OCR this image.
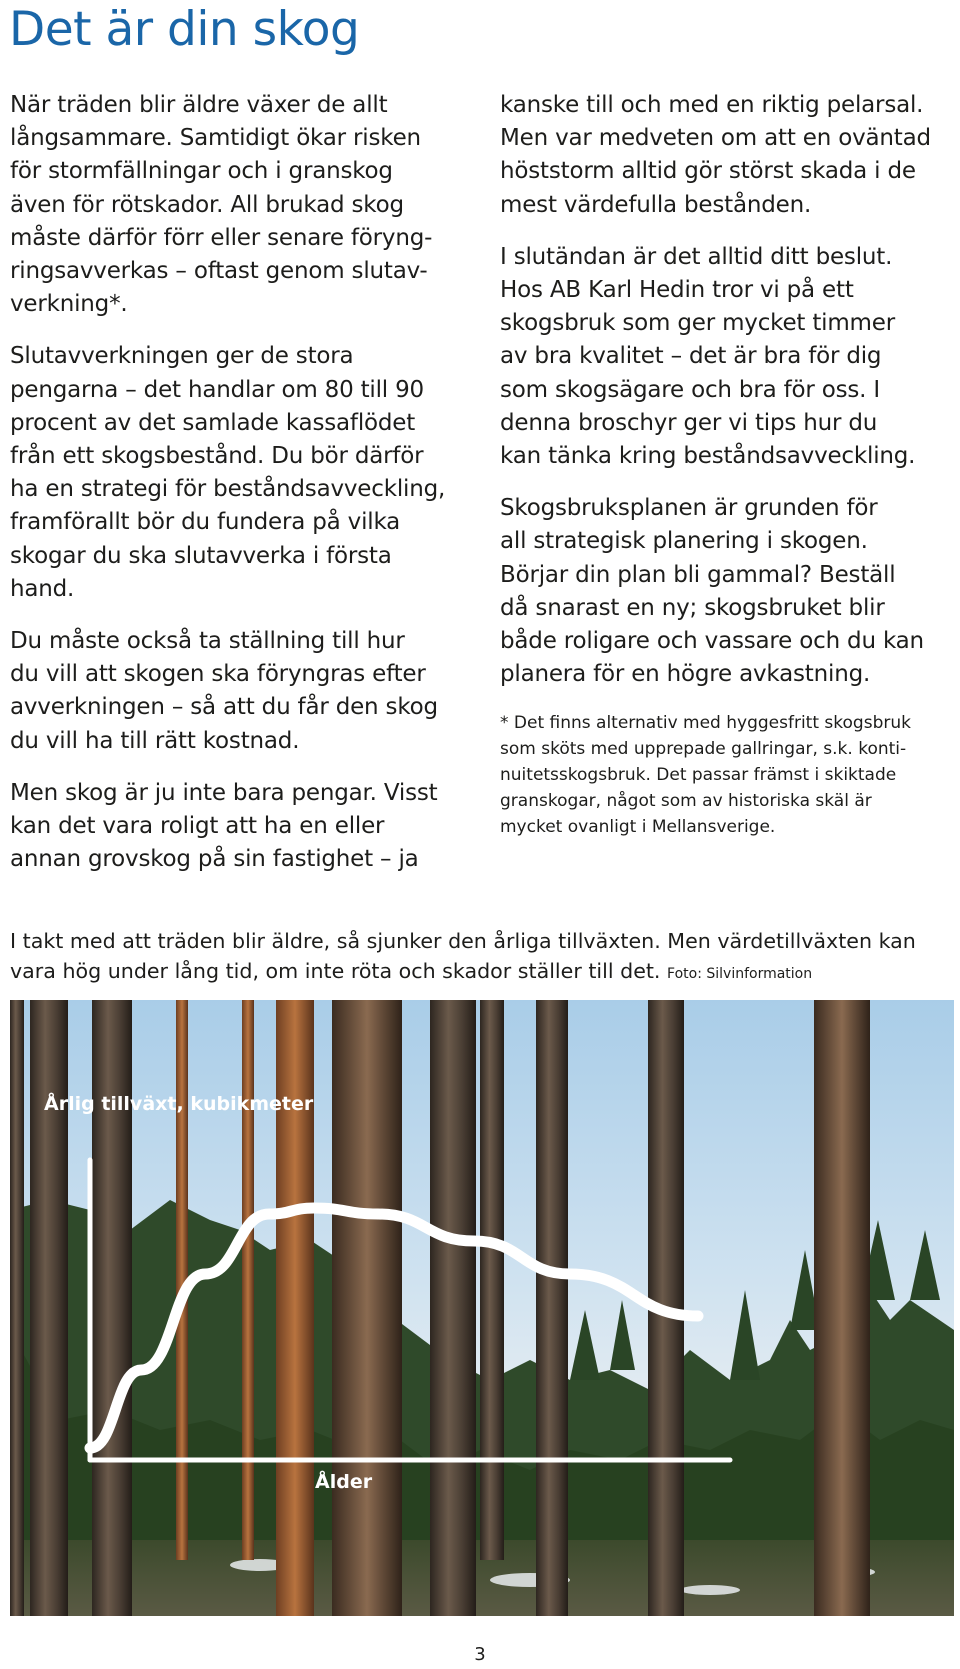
Det är din skog

När träden blir äldre växer de allt
långsammare. Samtidigt ökar risken
för stormfällningar och i granskog
även för rötskador. All brukad skog
måste därför förr eller senare föryng-
ringsavverkas – oftast genom slutav-
verkning*.

Slutavverkningen ger de stora
pengarna – det handlar om 80 till 90
procent av det samlade kassaflödet
från ett skogsbestånd. Du bör därför
ha en strategi för beståndsavveckling,
framförallt bör du fundera på vilka
skogar du ska slutavverka i första
hand.

Du måste också ta ställning till hur
du vill att skogen ska föryngras efter
avverkningen – så att du får den skog
du vill ha till rätt kostnad.

Men skog är ju inte bara pengar. Visst
kan det vara roligt att ha en eller
annan grovskog på sin fastighet – ja

kanske till och med en riktig pelarsal.
Men var medveten om att en oväntad
höststorm alltid gör störst skada i de
mest värdefulla bestånden.

I slutändan är det alltid ditt beslut.
Hos AB Karl Hedin tror vi på ett
skogsbruk som ger mycket timmer
av bra kvalitet – det är bra för dig
som skogsägare och bra för oss. I
denna broschyr ger vi tips hur du
kan tänka kring beståndsavveckling.

Skogsbruksplanen är grunden för
all strategisk planering i skogen.
Börjar din plan bli gammal? Beställ
då snarast en ny; skogsbruket blir
både roligare och vassare och du kan
planera för en högre avkastning.

* Det finns alternativ med hyggesfritt skogsbruk
som sköts med upprepade gallringar, s.k. konti-
nuitetsskogsbruk. Det passar främst i skiktade
granskogar, något som av historiska skäl är
mycket ovanligt i Mellansverige.

I takt med att träden blir äldre, så sjunker den årliga tillväxten. Men värdetillväxten kan
vara hög under lång tid, om inte röta och skador ställer till det. Foto: Silvinformation

Årlig tillväxt, kubikmeter
Ålder

3
